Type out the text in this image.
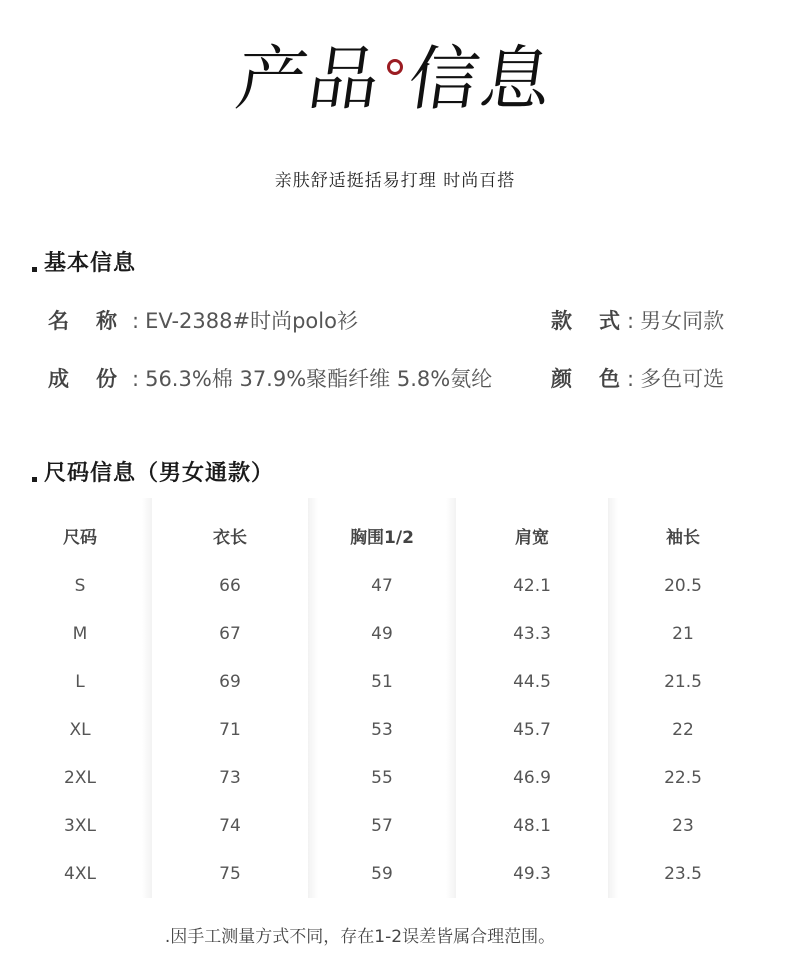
产品 信息
亲肤舒适挺括易打理 时尚百搭
基本信息
名 称 : EV-2388#时尚polo衫	款 式 : 男女同款
成 份 : 56.3%棉 37.9%聚酯纤维 5.8%氨纶	颜 色 : 多色可选
尺码信息（男女通款）
尺码
S
M
L
XL
2XL
3XL
4XL
衣长
66
67
69
71
73
74
75
胸围1/2
47
49
51
53
55
57
59
肩宽
42.1
43.3
44.5
45.7
46.9
48.1
49.3
袖长
20.5
21
21.5
22
22.5
23
23.5
.因手工测量方式不同，存在1-2误差皆属合理范围。
